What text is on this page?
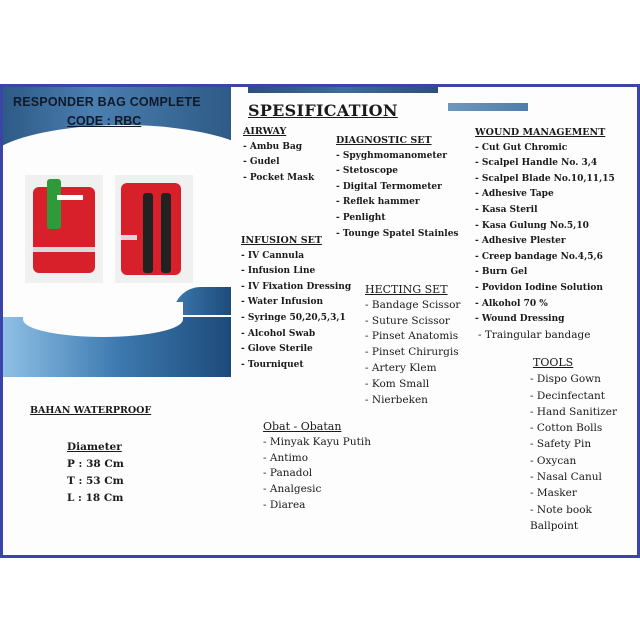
RESPONDER BAG COMPLETE
CODE : RBC
SPESIFICATION
AIRWAY
- Ambu Bag
- Gudel
- Pocket Mask
DIAGNOSTIC SET
- Spyghmomanometer
- Stetoscope
- Digital Termometer
- Reflek hammer
- Penlight
- Tounge Spatel Stainles
WOUND MANAGEMENT
- Cut Gut Chromic
- Scalpel Handle No. 3,4
- Scalpel Blade No.10,11,15
- Adhesive Tape
- Kasa Steril
- Kasa Gulung No.5,10
- Adhesive Plester
- Creep bandage No.4,5,6
- Burn Gel
- Povidon Iodine Solution
- Alkohol 70 %
- Wound Dressing
- Traingular bandage
INFUSION SET
- IV Cannula
- Infusion Line
- IV Fixation Dressing
- Water Infusion
- Syringe 50,20,5,3,1
- Alcohol Swab
- Glove Sterile
- Tourniquet
HECTING SET
- Bandage Scissor
- Suture Scissor
- Pinset Anatomis
- Pinset Chirurgis
- Artery Klem
- Kom Small
- Nierbeken
Obat - Obatan
- Minyak Kayu Putih
- Antimo
- Panadol
- Analgesic
- Diarea
TOOLS
- Dispo Gown
- Decinfectant
- Hand Sanitizer
- Cotton Bolls
- Safety Pin
- Oxycan
- Nasal Canul
- Masker
- Note book
Ballpoint
BAHAN WATERPROOF
Diameter
P : 38 Cm
T : 53 Cm
L : 18 Cm
